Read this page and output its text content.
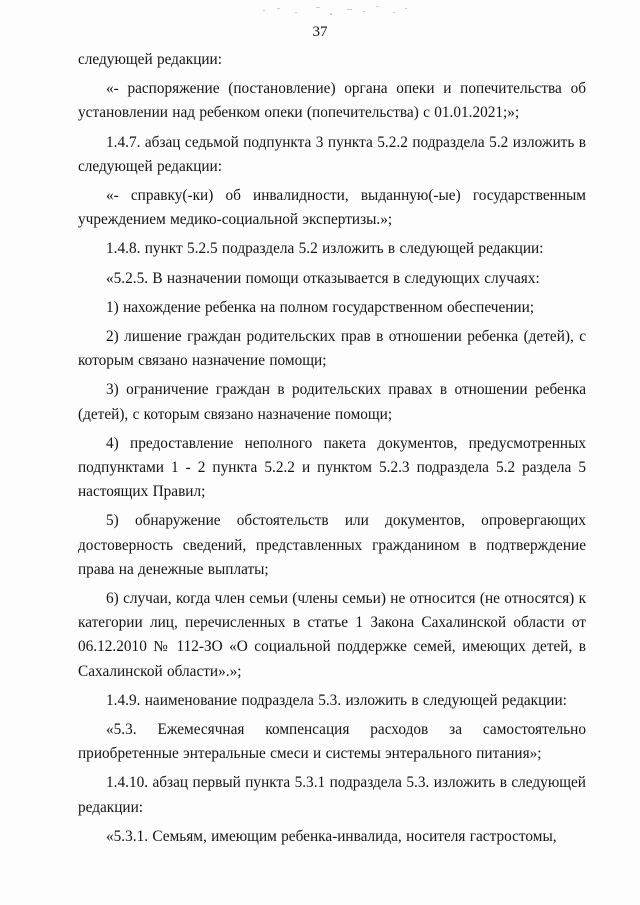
37

следующей редакции:

«- распоряжение (постановление) органа опеки и попечительства об установлении над ребенком опеки (попечительства) с 01.01.2021;»;

1.4.7. абзац седьмой подпункта 3 пункта 5.2.2 подраздела 5.2 изложить в следующей редакции:

«- справку(-ки) об инвалидности, выданную(-ые) государственным учреждением медико-социальной экспертизы.»;

1.4.8. пункт 5.2.5 подраздела 5.2 изложить в следующей редакции:

«5.2.5. В назначении помощи отказывается в следующих случаях:

1) нахождение ребенка на полном государственном обеспечении;

2) лишение граждан родительских прав в отношении ребенка (детей), с которым связано назначение помощи;

3) ограничение граждан в родительских правах в отношении ребенка (детей), с которым связано назначение помощи;

4) предоставление неполного пакета документов, предусмотренных подпунктами 1 - 2 пункта 5.2.2 и пунктом 5.2.3 подраздела 5.2 раздела 5 настоящих Правил;

5) обнаружение обстоятельств или документов, опровергающих достоверность сведений, представленных гражданином в подтверждение права на денежные выплаты;

6) случаи, когда член семьи (члены семьи) не относится (не относятся) к категории лиц, перечисленных в статье 1 Закона Сахалинской области от 06.12.2010 № 112-ЗО «О социальной поддержке семей, имеющих детей, в Сахалинской области».»;

1.4.9. наименование подраздела 5.3. изложить в следующей редакции:

«5.3. Ежемесячная компенсация расходов за самостоятельно приобретенные энтеральные смеси и системы энтерального питания»;

1.4.10. абзац первый пункта 5.3.1 подраздела 5.3. изложить в следующей редакции:

«5.3.1. Семьям, имеющим ребенка-инвалида, носителя гастростомы,
